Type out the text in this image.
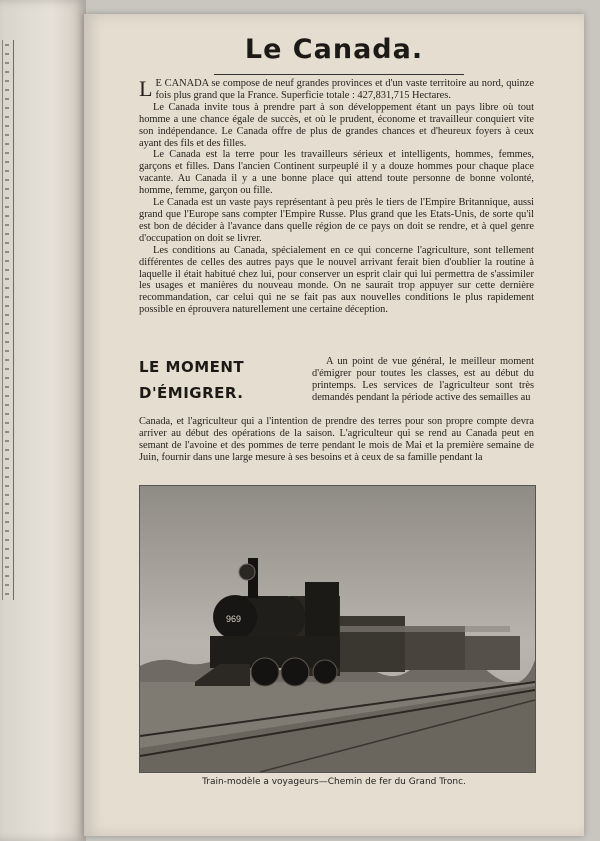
Le Canada.

L E CANADA se compose de neuf grandes provinces et d'un vaste territoire au nord, quinze fois plus grand que la France. Superficie totale : 427,831,715 Hectares.

Le Canada invite tous à prendre part à son développement étant un pays libre où tout homme a une chance égale de succès, et où le prudent, économe et travailleur conquiert vite son indépendance. Le Canada offre de plus de grandes chances et d'heureux foyers à ceux ayant des fils et des filles.

Le Canada est la terre pour les travailleurs sérieux et intelligents, hommes, femmes, garçons et filles. Dans l'ancien Continent surpeuplé il y a douze hommes pour chaque place vacante. Au Canada il y a une bonne place qui attend toute personne de bonne volonté, homme, femme, garçon ou fille.

Le Canada est un vaste pays représentant à peu près le tiers de l'Empire Britannique, aussi grand que l'Europe sans compter l'Empire Russe. Plus grand que les Etats-Unis, de sorte qu'il est bon de décider à l'avance dans quelle région de ce pays on doit se rendre, et à quel genre d'occupation on doit se livrer.

Les conditions au Canada, spécialement en ce qui concerne l'agriculture, sont tellement différentes de celles des autres pays que le nouvel arrivant ferait bien d'oublier la routine à laquelle il était habitué chez lui, pour conserver un esprit clair qui lui permettra de s'assimiler les usages et manières du nouveau monde. On ne saurait trop appuyer sur cette dernière recommandation, car celui qui ne se fait pas aux nouvelles conditions le plus rapidement possible en éprouvera naturellement une certaine déception.

LE MOMENT
D'ÉMIGRER.

A un point de vue général, le meilleur moment d'émigrer pour toutes les classes, est au début du printemps. Les services de l'agriculteur sont très demandés pendant la période active des semailles au

Canada, et l'agriculteur qui a l'intention de prendre des terres pour son propre compte devra arriver au début des opérations de la saison. L'agriculteur qui se rend au Canada peut en semant de l'avoine et des pommes de terre pendant le mois de Mai et la première semaine de Juin, fournir dans une large mesure à ses besoins et à ceux de sa famille pendant la

969
Train-modèle a voyageurs—Chemin de fer du Grand Tronc.
